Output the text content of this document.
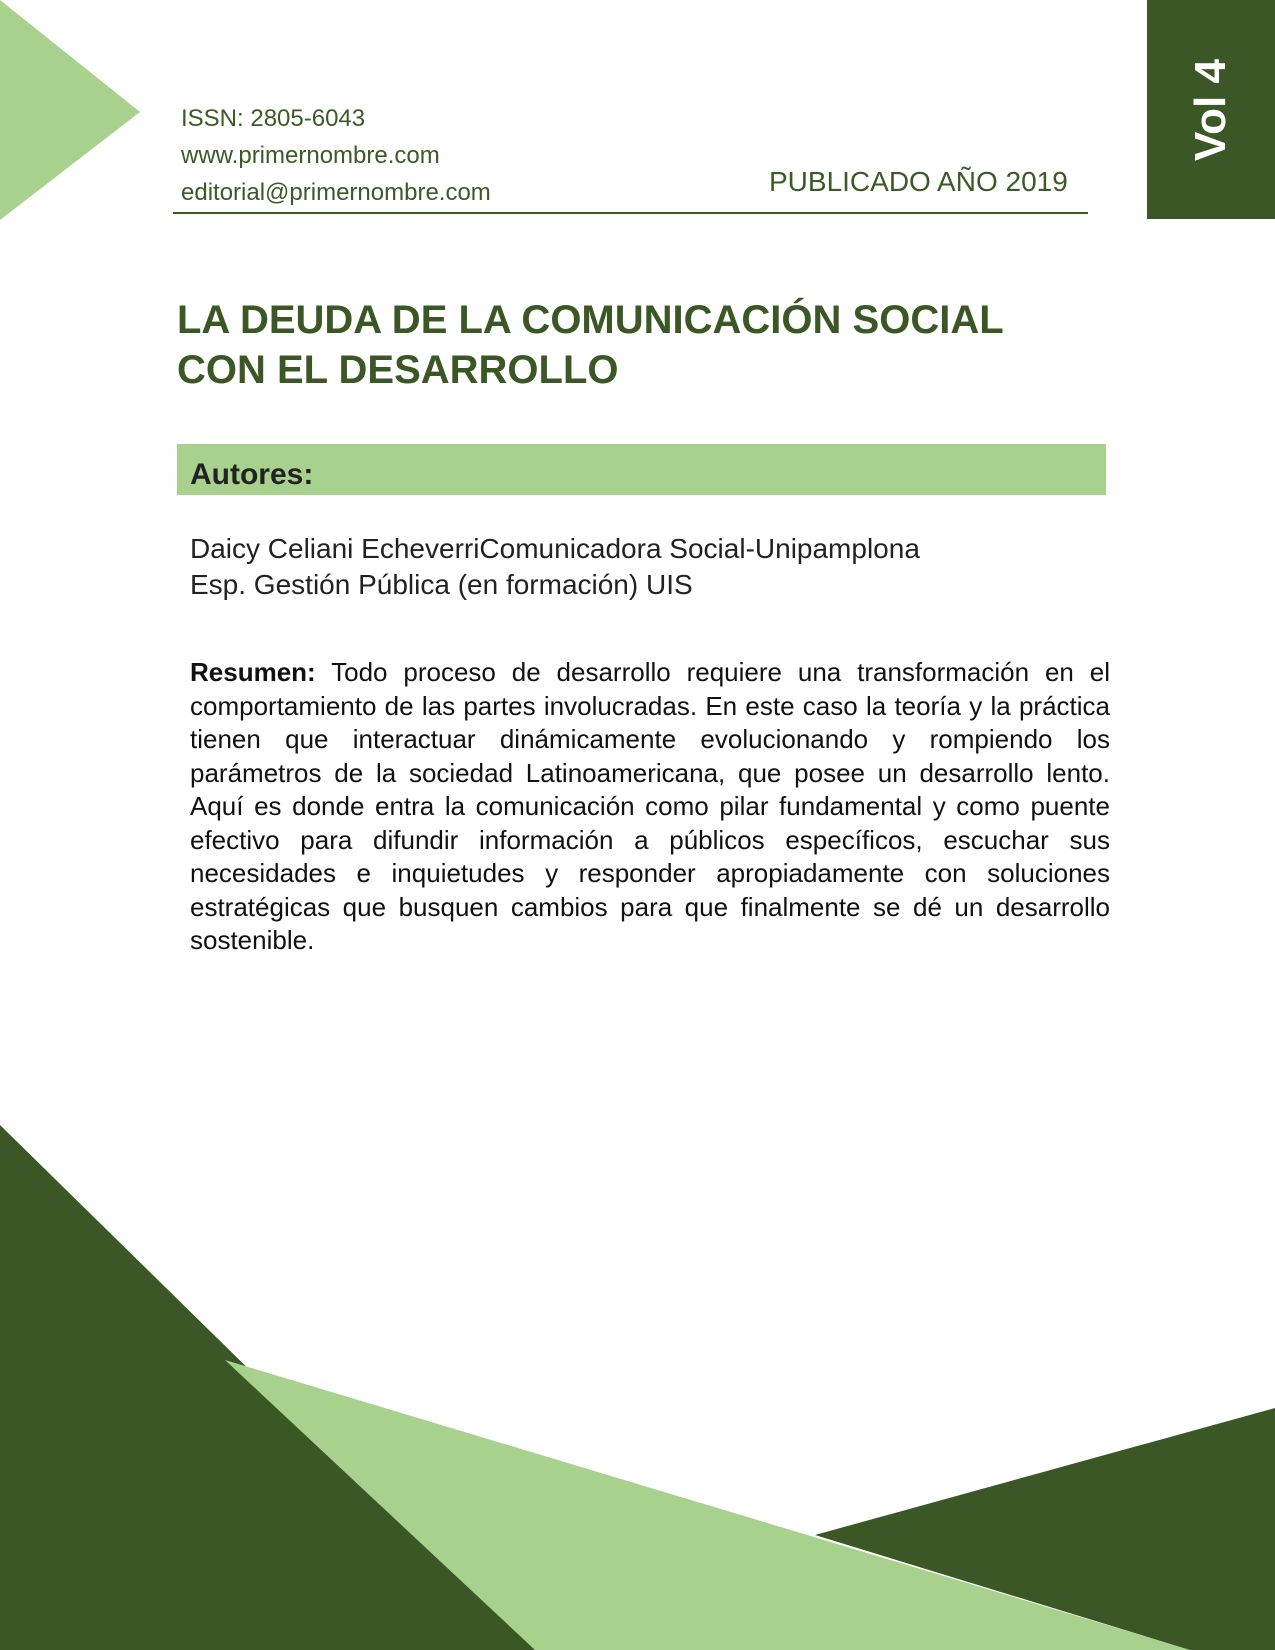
ISSN: 2805-6043
www.primernombre.com
editorial@primernombre.com	PUBLICADO AÑO 2019
Vol 4
LA DEUDA DE LA COMUNICACIÓN SOCIAL
CON EL DESARROLLO
Autores:
Daicy Celiani EcheverriComunicadora Social-Unipamplona
Esp. Gestión Pública (en formación) UIS

Resumen: Todo proceso de desarrollo requiere una transformación en el comportamiento de las partes involucradas. En este caso la teoría y la práctica tienen que interactuar dinámicamente evolucionando y rompiendo los parámetros de la sociedad Latinoamericana, que posee un desarrollo lento. Aquí es donde entra la comunicación como pilar fundamental y como puente efectivo para difundir información a públicos específicos, escuchar sus necesidades e inquietudes y responder apropiadamente con soluciones estratégicas que busquen cambios para que finalmente se dé un desarrollo sostenible.
